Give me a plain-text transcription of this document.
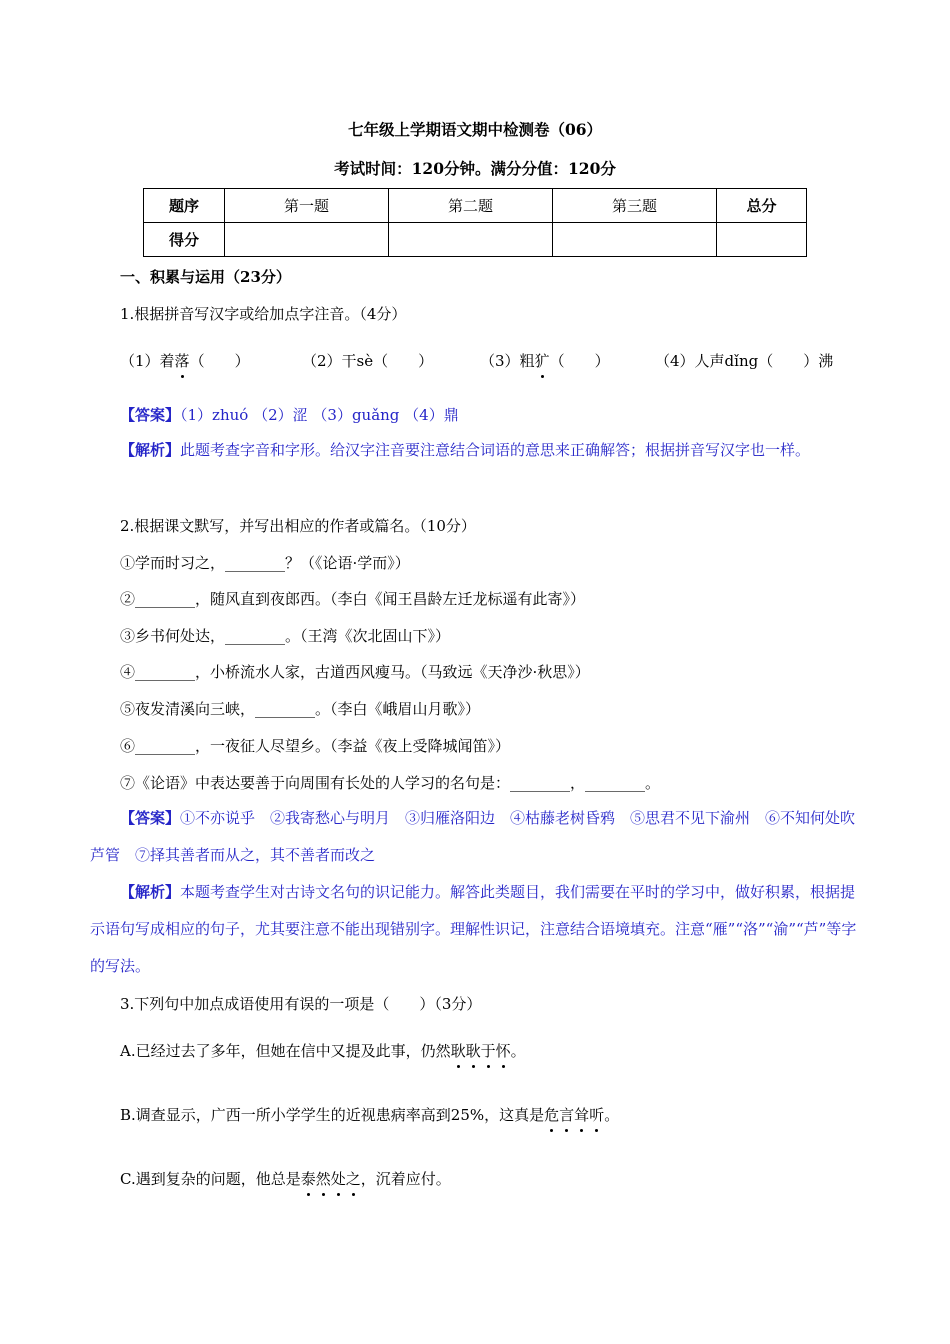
七年级上学期语文期中检测卷（06）
考试时间：120分钟。满分分值：120分
题序	第一题	第二题	第三题	总分
得分				
一、积累与运用（23分）
1.根据拼音写汉字或给加点字注音。（4分）
（1）着落（　　）	（2）干sè（　　）	（3）粗犷（　　）	（4）人声dǐng（　　）沸
【答案】（1）zhuó （2）涩 （3）guǎng （4）鼎
【解析】此题考查字音和字形。给汉字注音要注意结合词语的意思来正确解答；根据拼音写汉字也一样。
2.根据课文默写，并写出相应的作者或篇名。（10分）
①学而时习之，________？（《论语·学而》）
②________，随风直到夜郎西。（李白《闻王昌龄左迁龙标遥有此寄》）
③乡书何处达，________。（王湾《次北固山下》）
④________，小桥流水人家，古道西风瘦马。（马致远《天净沙·秋思》）
⑤夜发清溪向三峡，________。（李白《峨眉山月歌》）
⑥________，一夜征人尽望乡。（李益《夜上受降城闻笛》）
⑦《论语》中表达要善于向周围有长处的人学习的名句是：________，________。
【答案】①不亦说乎　②我寄愁心与明月　③归雁洛阳边　④枯藤老树昏鸦　⑤思君不见下渝州　⑥不知何处吹芦管　⑦择其善者而从之，其不善者而改之
【解析】本题考查学生对古诗文名句的识记能力。解答此类题目，我们需要在平时的学习中，做好积累，根据提示语句写成相应的句子，尤其要注意不能出现错别字。理解性识记，注意结合语境填充。注意“雁”“洛”“渝”“芦”等字的写法。
3.下列句中加点成语使用有误的一项是（　　）（3分）
A.已经过去了多年，但她在信中又提及此事，仍然耿耿于怀。
B.调查显示，广西一所小学学生的近视患病率高到25%，这真是危言耸听。
C.遇到复杂的问题，他总是泰然处之，沉着应付。
